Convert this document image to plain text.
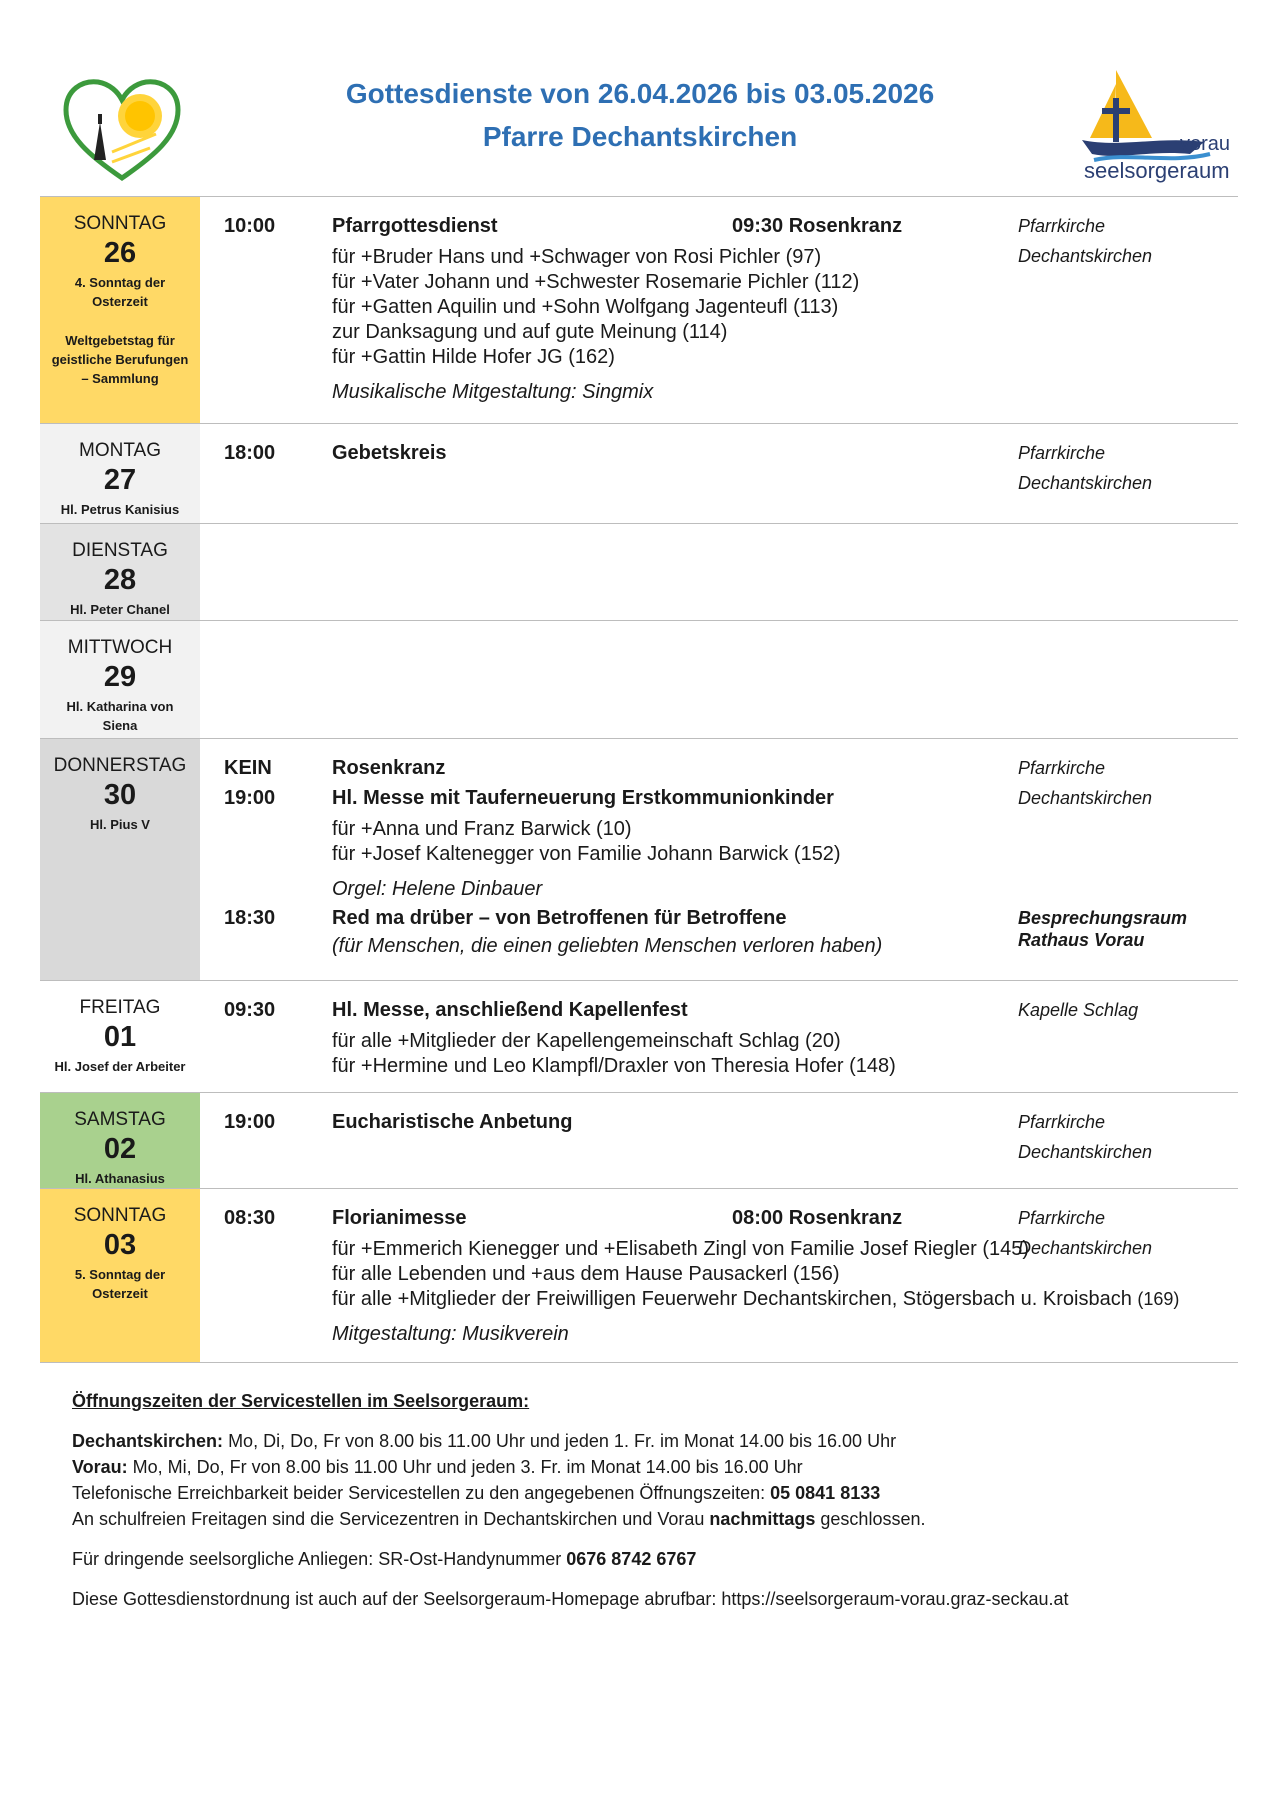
Gottesdienste von 26.04.2026 bis 03.05.2026
Pfarre Dechantskirchen	vorau
seelsorgeraum
SONNTAG
26
4. Sonntag der Osterzeit
Weltgebetstag für geistliche Berufungen – Sammlung
10:00	Pfarrgottesdienst	09:30 Rosenkranz	Pfarrkirche Dechantskirchen
für +Bruder Hans und +Schwager von Rosi Pichler (97)
für +Vater Johann und +Schwester Rosemarie Pichler (112)
für +Gatten Aquilin und +Sohn Wolfgang Jagenteufl (113)
zur Danksagung und auf gute Meinung (114)
für +Gattin Hilde Hofer JG (162)
Musikalische Mitgestaltung: Singmix
MONTAG
27
Hl. Petrus Kanisius
18:00	Gebetskreis	Pfarrkirche Dechantskirchen
DIENSTAG
28
Hl. Peter Chanel
MITTWOCH
29
Hl. Katharina von Siena
DONNERSTAG
30
Hl. Pius V
KEIN	Rosenkranz	Pfarrkirche Dechantskirchen
19:00	Hl. Messe mit Tauferneuerung Erstkommunionkinder
für +Anna und Franz Barwick (10)
für +Josef Kaltenegger von Familie Johann Barwick (152)
Orgel: Helene Dinbauer
18:30	Red ma drüber – von Betroffenen für Betroffene	Besprechungsraum
Rathaus Vorau
(für Menschen, die einen geliebten Menschen verloren haben)
FREITAG
01
Hl. Josef der Arbeiter
09:30	Hl. Messe, anschließend Kapellenfest	Kapelle Schlag
für alle +Mitglieder der Kapellengemeinschaft Schlag (20)
für +Hermine und Leo Klampfl/Draxler von Theresia Hofer (148)
SAMSTAG
02
Hl. Athanasius
19:00	Eucharistische Anbetung	Pfarrkirche Dechantskirchen
SONNTAG
03
5. Sonntag der Osterzeit
08:30	Florianimesse	08:00 Rosenkranz	Pfarrkirche Dechantskirchen
für +Emmerich Kienegger und +Elisabeth Zingl von Familie Josef Riegler (145)
für alle Lebenden und +aus dem Hause Pausackerl (156)
für alle +Mitglieder der Freiwilligen Feuerwehr Dechantskirchen, Stögersbach u. Kroisbach (169)
Mitgestaltung: Musikverein
Öffnungszeiten der Servicestellen im Seelsorgeraum:
Dechantskirchen: Mo, Di, Do, Fr von 8.00 bis 11.00 Uhr und jeden 1. Fr. im Monat 14.00 bis 16.00 Uhr
Vorau: Mo, Mi, Do, Fr von 8.00 bis 11.00 Uhr und jeden 3. Fr. im Monat 14.00 bis 16.00 Uhr
Telefonische Erreichbarkeit beider Servicestellen zu den angegebenen Öffnungszeiten: 05 0841 8133
An schulfreien Freitagen sind die Servicezentren in Dechantskirchen und Vorau nachmittags geschlossen.
Für dringende seelsorgliche Anliegen: SR-Ost-Handynummer 0676 8742 6767
Diese Gottesdienstordnung ist auch auf der Seelsorgeraum-Homepage abrufbar: https://seelsorgeraum-vorau.graz-seckau.at
